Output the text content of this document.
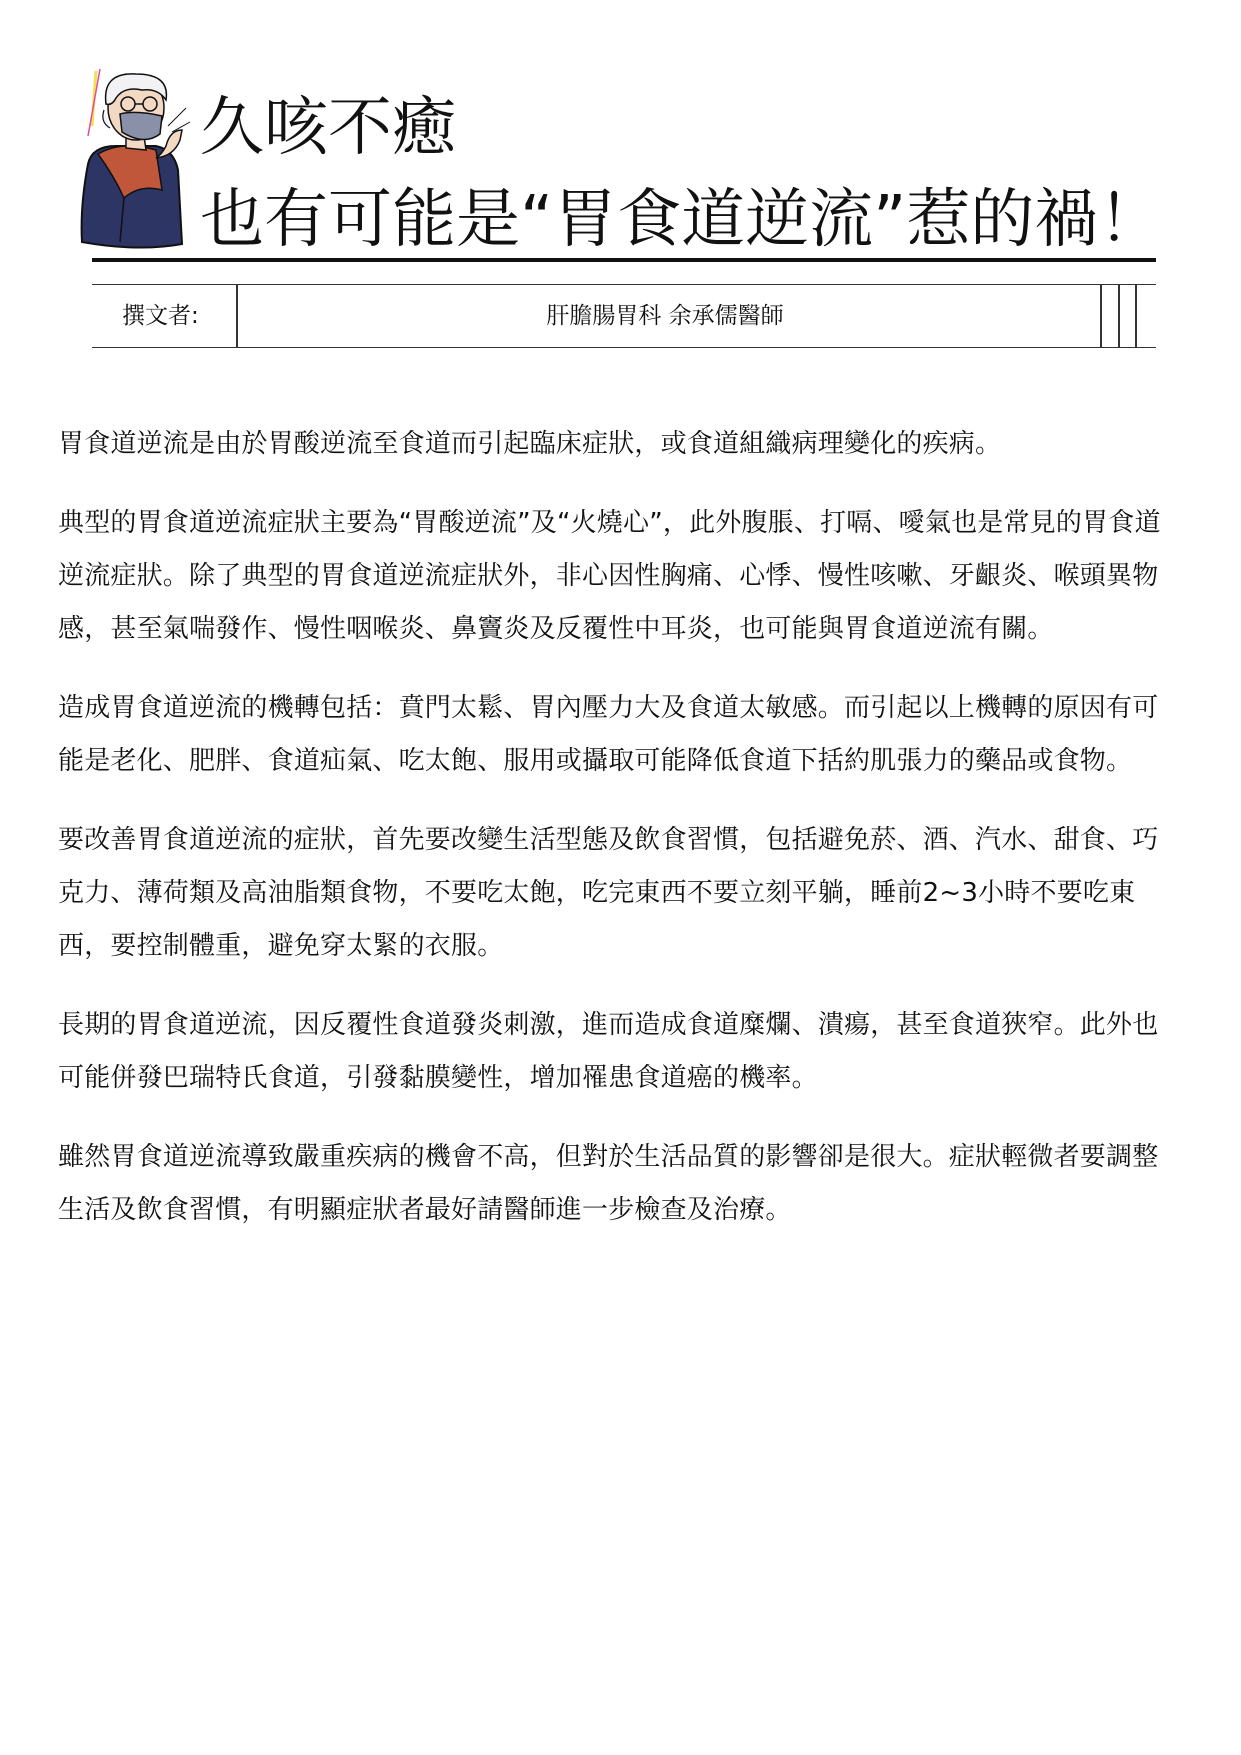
久咳不癒
也有可能是“胃食道逆流”惹的禍！
撰文者:	肝膽腸胃科 余承儒醫師

胃食道逆流是由於胃酸逆流至食道而引起臨床症狀，或食道組織病理變化的疾病。

典型的胃食道逆流症狀主要為“胃酸逆流”及“火燒心”，此外腹脹、打嗝、噯氣也是常見的胃食道逆流症狀。除了典型的胃食道逆流症狀外，非心因性胸痛、心悸、慢性咳嗽、牙齦炎、喉頭異物感，甚至氣喘發作、慢性咽喉炎、鼻竇炎及反覆性中耳炎，也可能與胃食道逆流有關。

造成胃食道逆流的機轉包括：賁門太鬆、胃內壓力大及食道太敏感。而引起以上機轉的原因有可能是老化、肥胖、食道疝氣、吃太飽、服用或攝取可能降低食道下括約肌張力的藥品或食物。

要改善胃食道逆流的症狀，首先要改變生活型態及飲食習慣，包括避免菸、酒、汽水、甜食、巧克力、薄荷類及高油脂類食物，不要吃太飽，吃完東西不要立刻平躺，睡前2~3小時不要吃東西，要控制體重，避免穿太緊的衣服。

長期的胃食道逆流，因反覆性食道發炎刺激，進而造成食道糜爛、潰瘍，甚至食道狹窄。此外也可能併發巴瑞特氏食道，引發黏膜變性，增加罹患食道癌的機率。

雖然胃食道逆流導致嚴重疾病的機會不高，但對於生活品質的影響卻是很大。症狀輕微者要調整生活及飲食習慣，有明顯症狀者最好請醫師進一步檢查及治療。
